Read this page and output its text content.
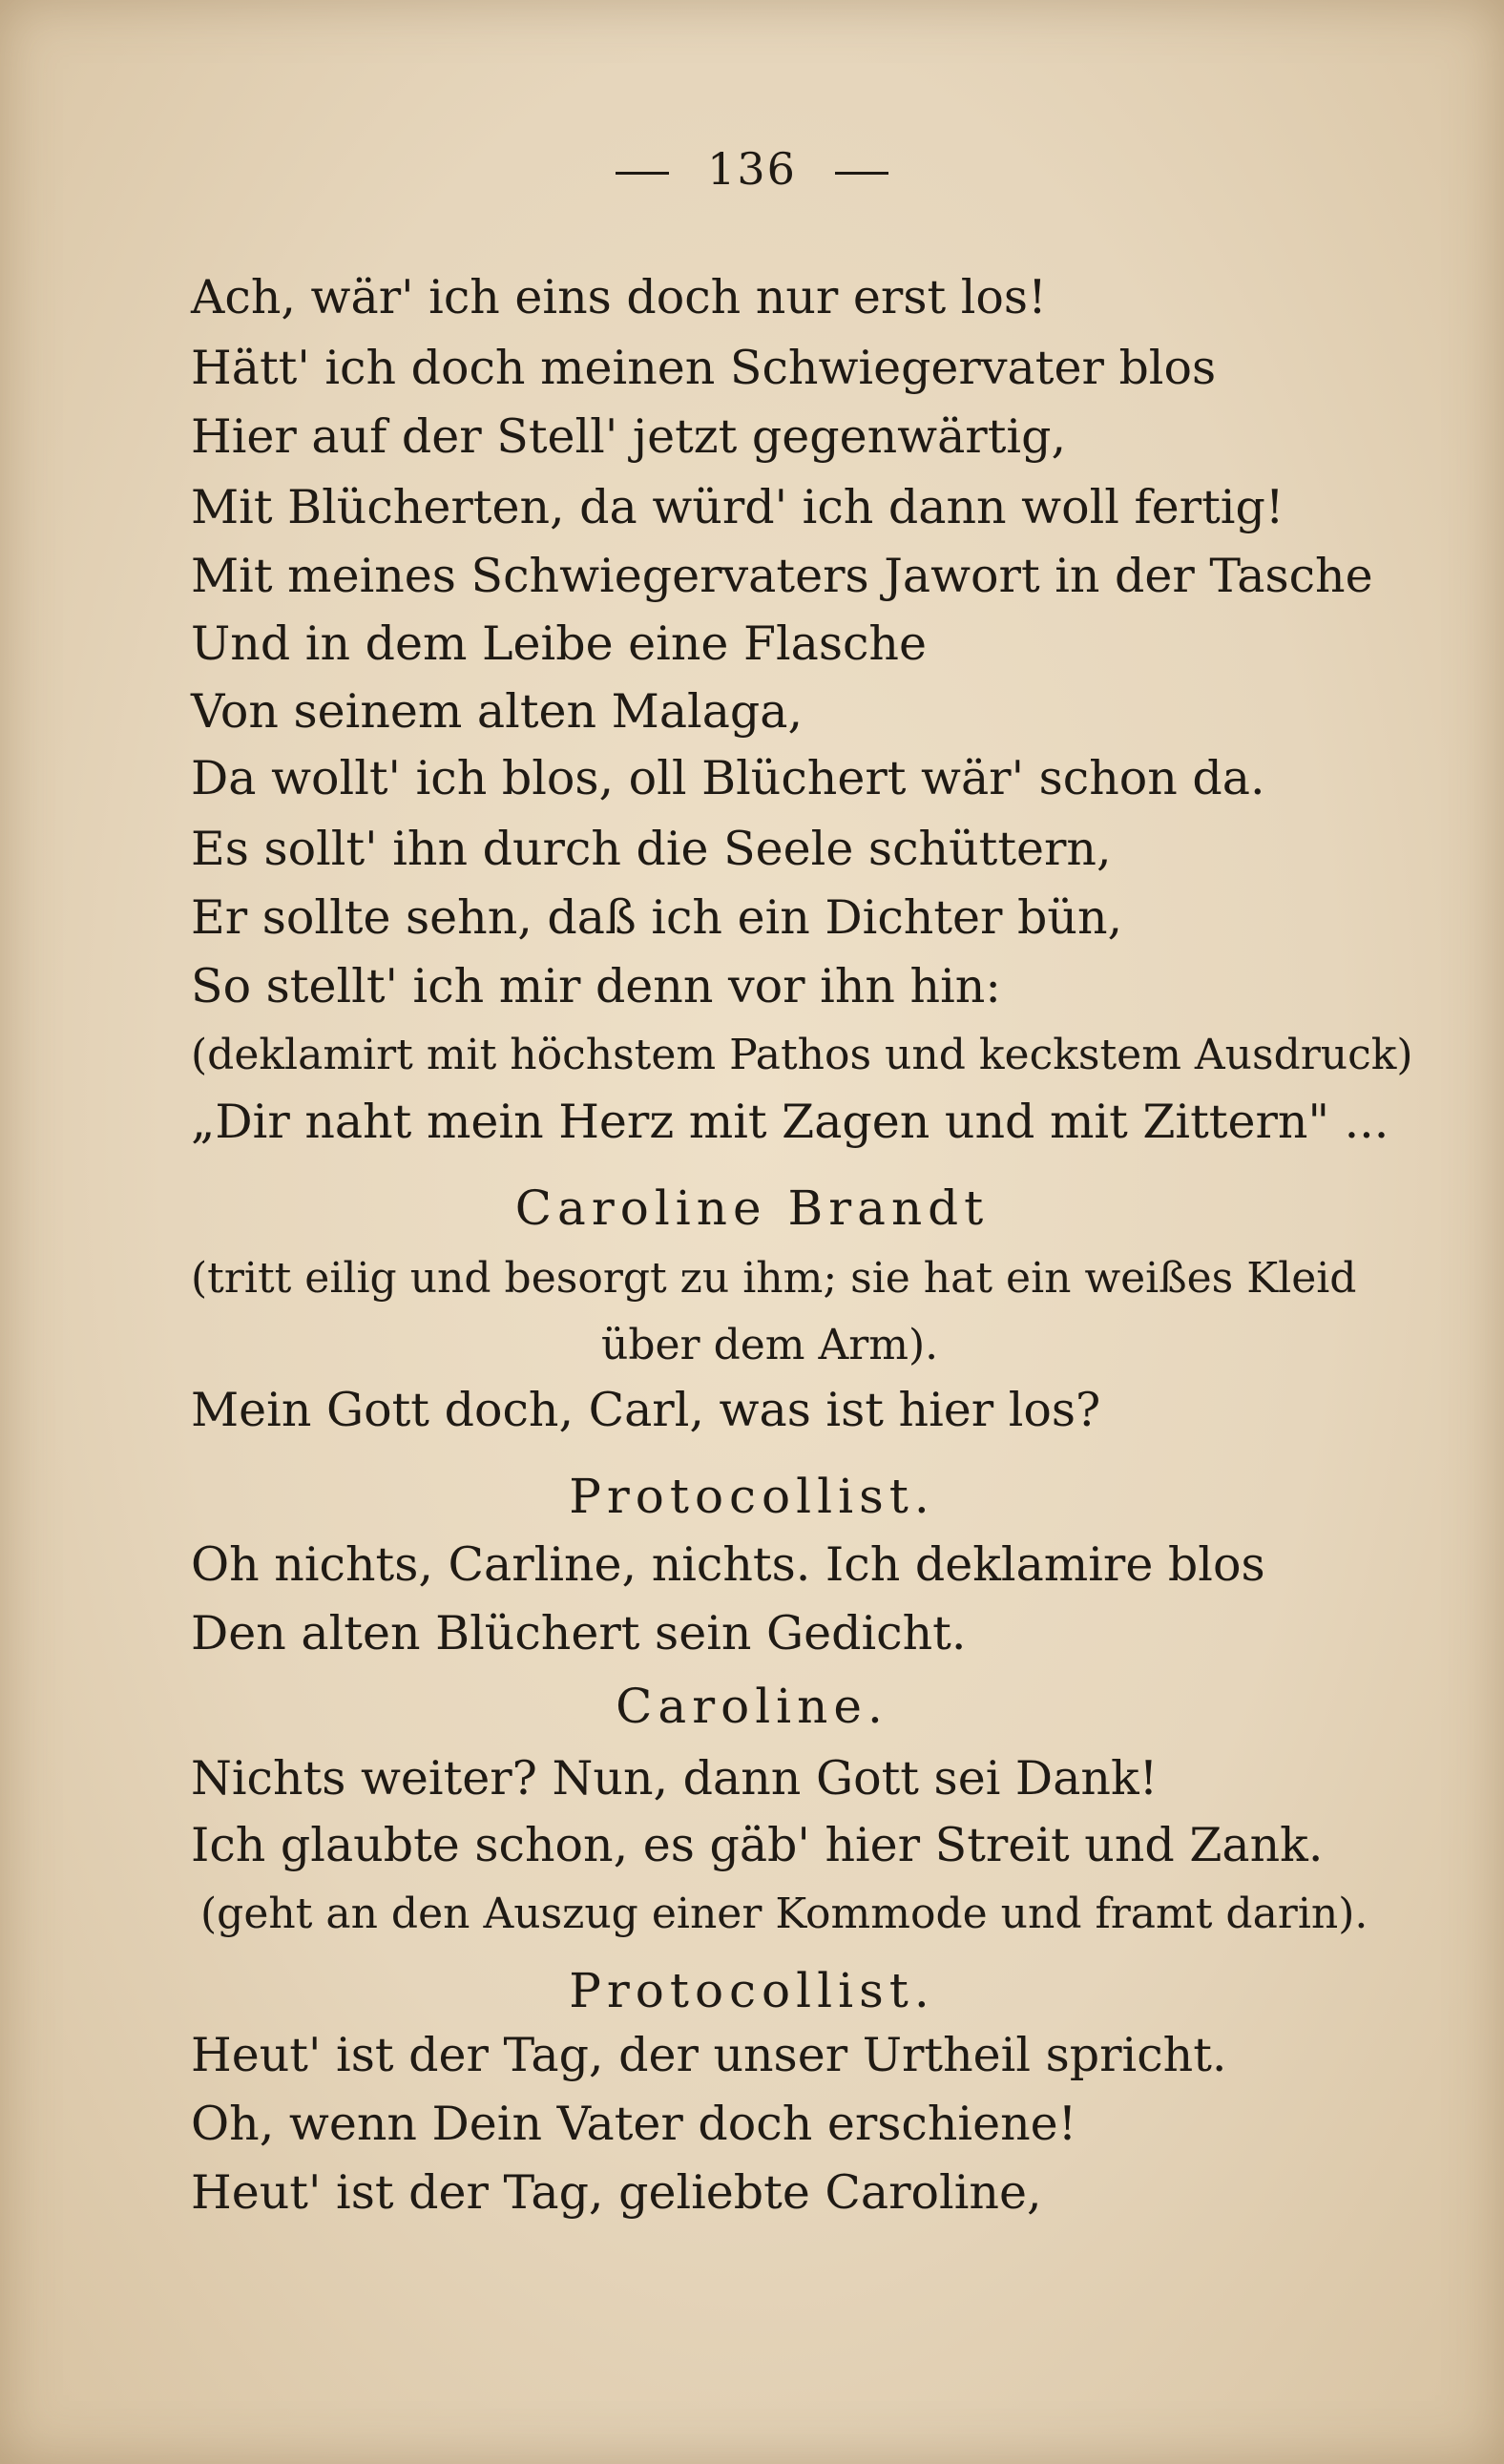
136
Ach, wär' ich eins doch nur erst los!
Hätt' ich doch meinen Schwiegervater blos
Hier auf der Stell' jetzt gegenwärtig,
Mit Blücherten, da würd' ich dann woll fertig!
Mit meines Schwiegervaters Jawort in der Tasche
Und in dem Leibe eine Flasche
Von seinem alten Malaga,
Da wollt' ich blos, oll Blüchert wär' schon da.
Es sollt' ihn durch die Seele schüttern,
Er sollte sehn, daß ich ein Dichter bün,
So stellt' ich mir denn vor ihn hin:
(deklamirt mit höchstem Pathos und keckstem Ausdruck)
„Dir naht mein Herz mit Zagen und mit Zittern" ...
Caroline Brandt
(tritt eilig und besorgt zu ihm; sie hat ein weißes Kleid
über dem Arm).
Mein Gott doch, Carl, was ist hier los?
Protocollist.
Oh nichts, Carline, nichts. Ich deklamire blos
Den alten Blüchert sein Gedicht.
Caroline.
Nichts weiter? Nun, dann Gott sei Dank!
Ich glaubte schon, es gäb' hier Streit und Zank.
(geht an den Auszug einer Kommode und framt darin).
Protocollist.
Heut' ist der Tag, der unser Urtheil spricht.
Oh, wenn Dein Vater doch erschiene!
Heut' ist der Tag, geliebte Caroline,
